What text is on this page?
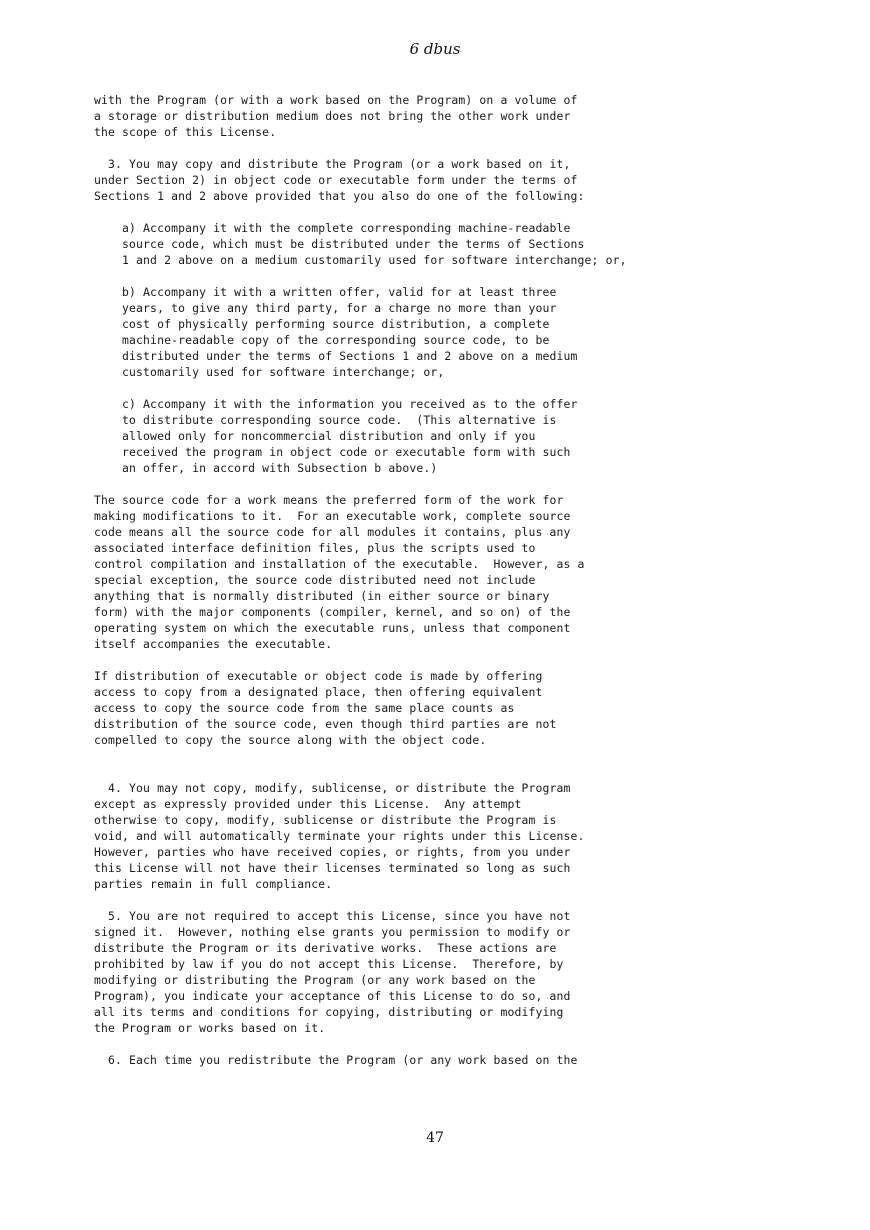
6 dbus
with the Program (or with a work based on the Program) on a volume of
a storage or distribution medium does not bring the other work under
the scope of this License.

3. You may copy and distribute the Program (or a work based on it,
under Section 2) in object code or executable form under the terms of
Sections 1 and 2 above provided that you also do one of the following:

a) Accompany it with the complete corresponding machine-readable
source code, which must be distributed under the terms of Sections
1 and 2 above on a medium customarily used for software interchange; or,

b) Accompany it with a written offer, valid for at least three
years, to give any third party, for a charge no more than your
cost of physically performing source distribution, a complete
machine-readable copy of the corresponding source code, to be
distributed under the terms of Sections 1 and 2 above on a medium
customarily used for software interchange; or,

c) Accompany it with the information you received as to the offer
to distribute corresponding source code.  (This alternative is
allowed only for noncommercial distribution and only if you
received the program in object code or executable form with such
an offer, in accord with Subsection b above.)

The source code for a work means the preferred form of the work for
making modifications to it.  For an executable work, complete source
code means all the source code for all modules it contains, plus any
associated interface definition files, plus the scripts used to
control compilation and installation of the executable.  However, as a
special exception, the source code distributed need not include
anything that is normally distributed (in either source or binary
form) with the major components (compiler, kernel, and so on) of the
operating system on which the executable runs, unless that component
itself accompanies the executable.

If distribution of executable or object code is made by offering
access to copy from a designated place, then offering equivalent
access to copy the source code from the same place counts as
distribution of the source code, even though third parties are not
compelled to copy the source along with the object code.

4. You may not copy, modify, sublicense, or distribute the Program
except as expressly provided under this License.  Any attempt
otherwise to copy, modify, sublicense or distribute the Program is
void, and will automatically terminate your rights under this License.
However, parties who have received copies, or rights, from you under
this License will not have their licenses terminated so long as such
parties remain in full compliance.

5. You are not required to accept this License, since you have not
signed it.  However, nothing else grants you permission to modify or
distribute the Program or its derivative works.  These actions are
prohibited by law if you do not accept this License.  Therefore, by
modifying or distributing the Program (or any work based on the
Program), you indicate your acceptance of this License to do so, and
all its terms and conditions for copying, distributing or modifying
the Program or works based on it.

6. Each time you redistribute the Program (or any work based on the
47
